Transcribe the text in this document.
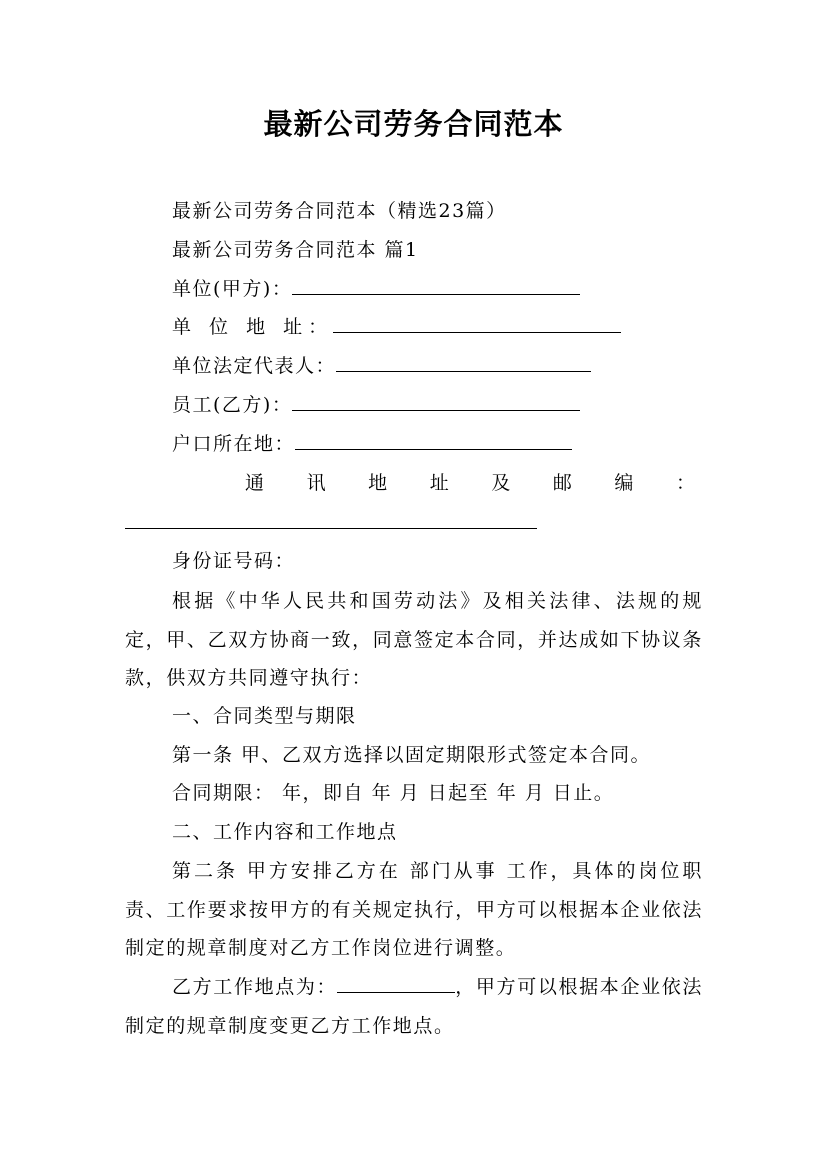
最新公司劳务合同范本
最新公司劳务合同范本（精选23篇）
最新公司劳务合同范本 篇1
单位(甲方)：
单 位 地 址：
单位法定代表人：
员工(乙方)：
户口所在地：
通 讯 地 址 及 邮 编 ：
身份证号码：
根据《中华人民共和国劳动法》及相关法律、法规的规定，甲、乙双方协商一致，同意签定本合同，并达成如下协议条款，供双方共同遵守执行：
一、合同类型与期限
第一条 甲、乙双方选择以固定期限形式签定本合同。
合同期限： 年，即自 年 月 日起至 年 月 日止。
二、工作内容和工作地点
第二条 甲方安排乙方在 部门从事 工作，具体的岗位职责、工作要求按甲方的有关规定执行，甲方可以根据本企业依法制定的规章制度对乙方工作岗位进行调整。
乙方工作地点为：	，甲方可以根据本企业依法制定的规章制度变更乙方工作地点。
